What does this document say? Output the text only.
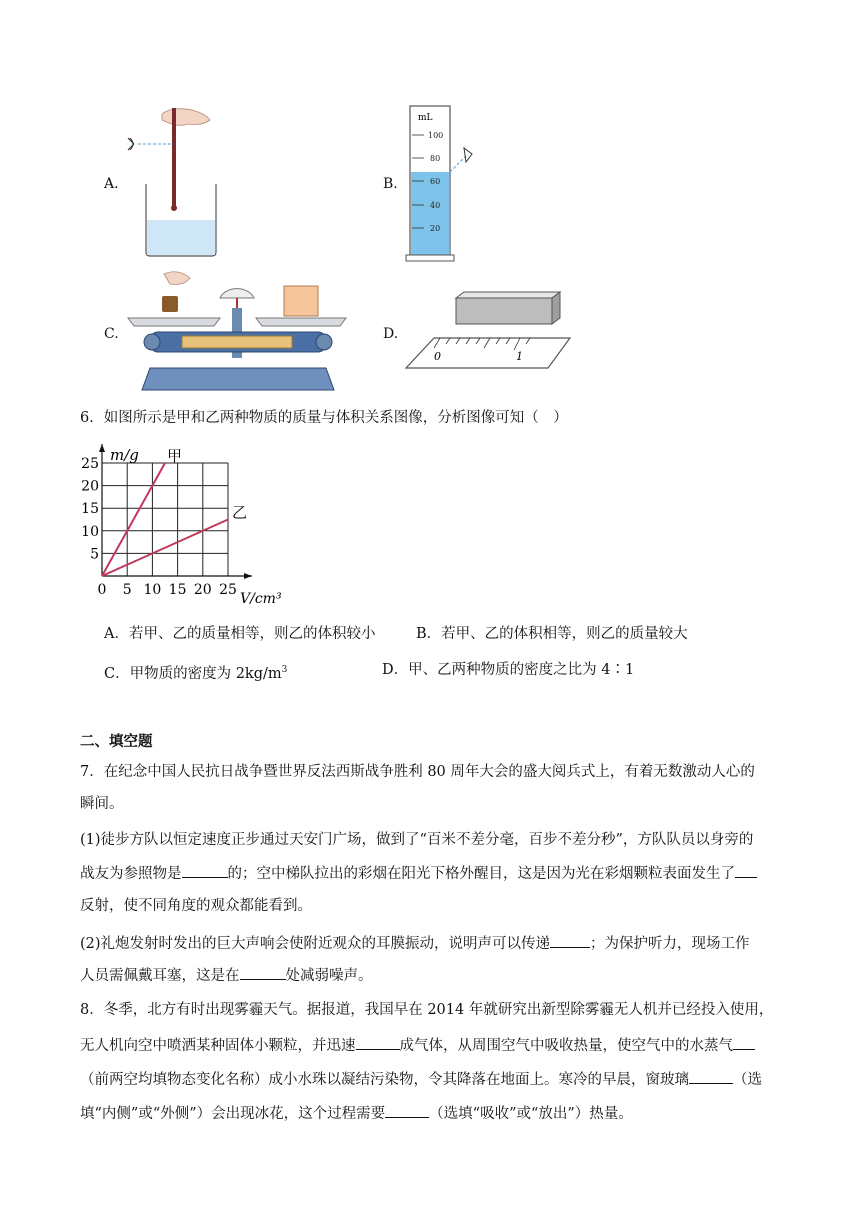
A.	B.
mL
100
80
60
40
20
C.	D.
0	1
6．如图所示是甲和乙两种物质的质量与体积关系图像，分析图像可知（　）
甲
乙
0 5 10 15 20 25
5
10
15
20
25 m/g
V/cm³
A．若甲、乙的质量相等，则乙的体积较小	B．若甲、乙的体积相等，则乙的质量较大
C．甲物质的密度为 $2kg/m^3$	D．甲、乙两种物质的密度之比为 4∶1
二、填空题
7．在纪念中国人民抗日战争暨世界反法西斯战争胜利 80 周年大会的盛大阅兵式上，有着无数激动人心的
瞬间。
(1)徒步方队以恒定速度正步通过天安门广场，做到了“百米不差分毫，百步不差分秒”，方队队员以身旁的
战友为参照物是	的；空中梯队拉出的彩烟在阳光下格外醒目，这是因为光在彩烟颗粒表面发生了
反射，使不同角度的观众都能看到。
(2)礼炮发射时发出的巨大声响会使附近观众的耳膜振动，说明声可以传递	；为保护听力，现场工作
人员需佩戴耳塞，这是在	处减弱噪声。
8．冬季，北方有时出现雾霾天气。据报道，我国早在 2014 年就研究出新型除雾霾无人机并已经投入使用，
无人机向空中喷洒某种固体小颗粒，并迅速	成气体，从周围空气中吸收热量，使空气中的水蒸气
（前两空均填物态变化名称）成小水珠以凝结污染物，令其降落在地面上。寒冷的早晨，窗玻璃	（选
填“内侧”或“外侧”）会出现冰花，这个过程需要	（选填“吸收”或“放出”）热量。
